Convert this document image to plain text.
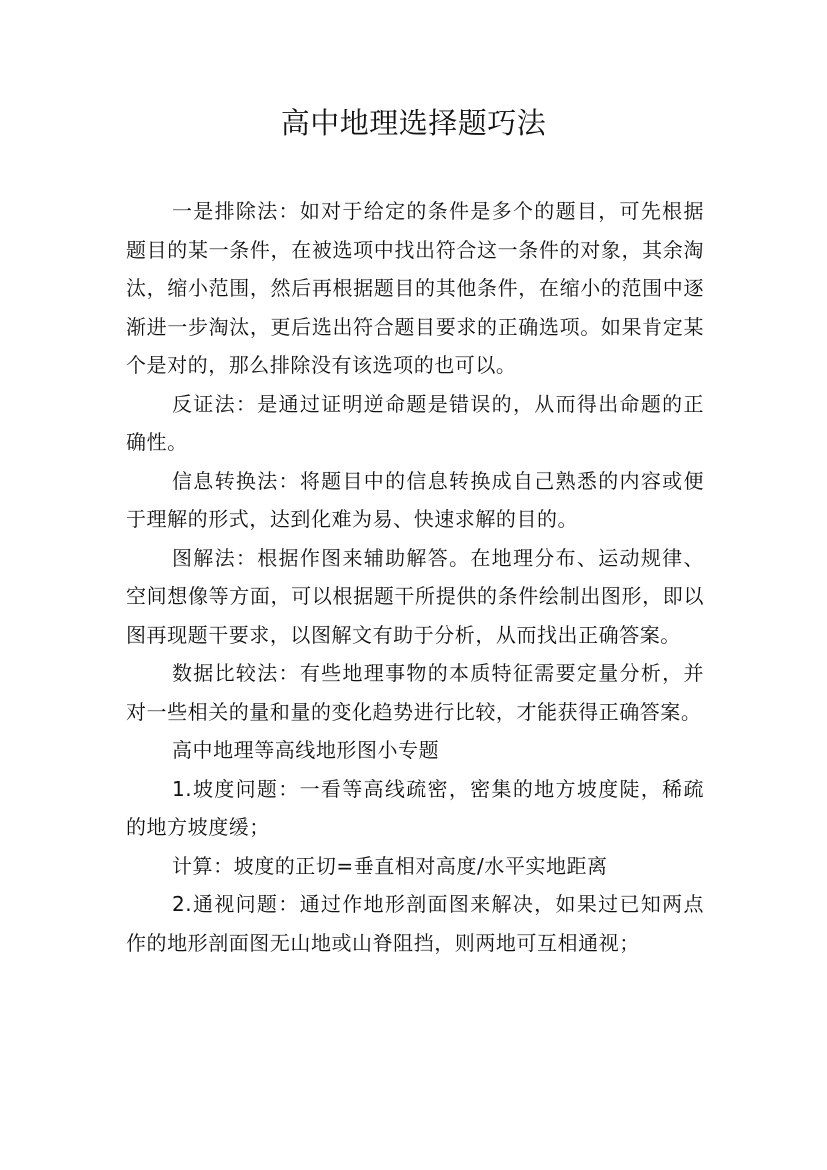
高中地理选择题巧法

一是排除法：如对于给定的条件是多个的题目，可先根据题目的某一条件，在被选项中找出符合这一条件的对象，其余淘汰，缩小范围，然后再根据题目的其他条件，在缩小的范围中逐渐进一步淘汰，更后选出符合题目要求的正确选项。如果肯定某个是对的，那么排除没有该选项的也可以。

反证法：是通过证明逆命题是错误的，从而得出命题的正确性。

信息转换法：将题目中的信息转换成自己熟悉的内容或便于理解的形式，达到化难为易、快速求解的目的。

图解法：根据作图来辅助解答。在地理分布、运动规律、空间想像等方面，可以根据题干所提供的条件绘制出图形，即以图再现题干要求，以图解文有助于分析，从而找出正确答案。

数据比较法：有些地理事物的本质特征需要定量分析，并对一些相关的量和量的变化趋势进行比较，才能获得正确答案。

高中地理等高线地形图小专题

1.坡度问题：一看等高线疏密，密集的地方坡度陡，稀疏的地方坡度缓；

计算：坡度的正切=垂直相对高度/水平实地距离

2.通视问题：通过作地形剖面图来解决，如果过已知两点作的地形剖面图无山地或山脊阻挡，则两地可互相通视；
